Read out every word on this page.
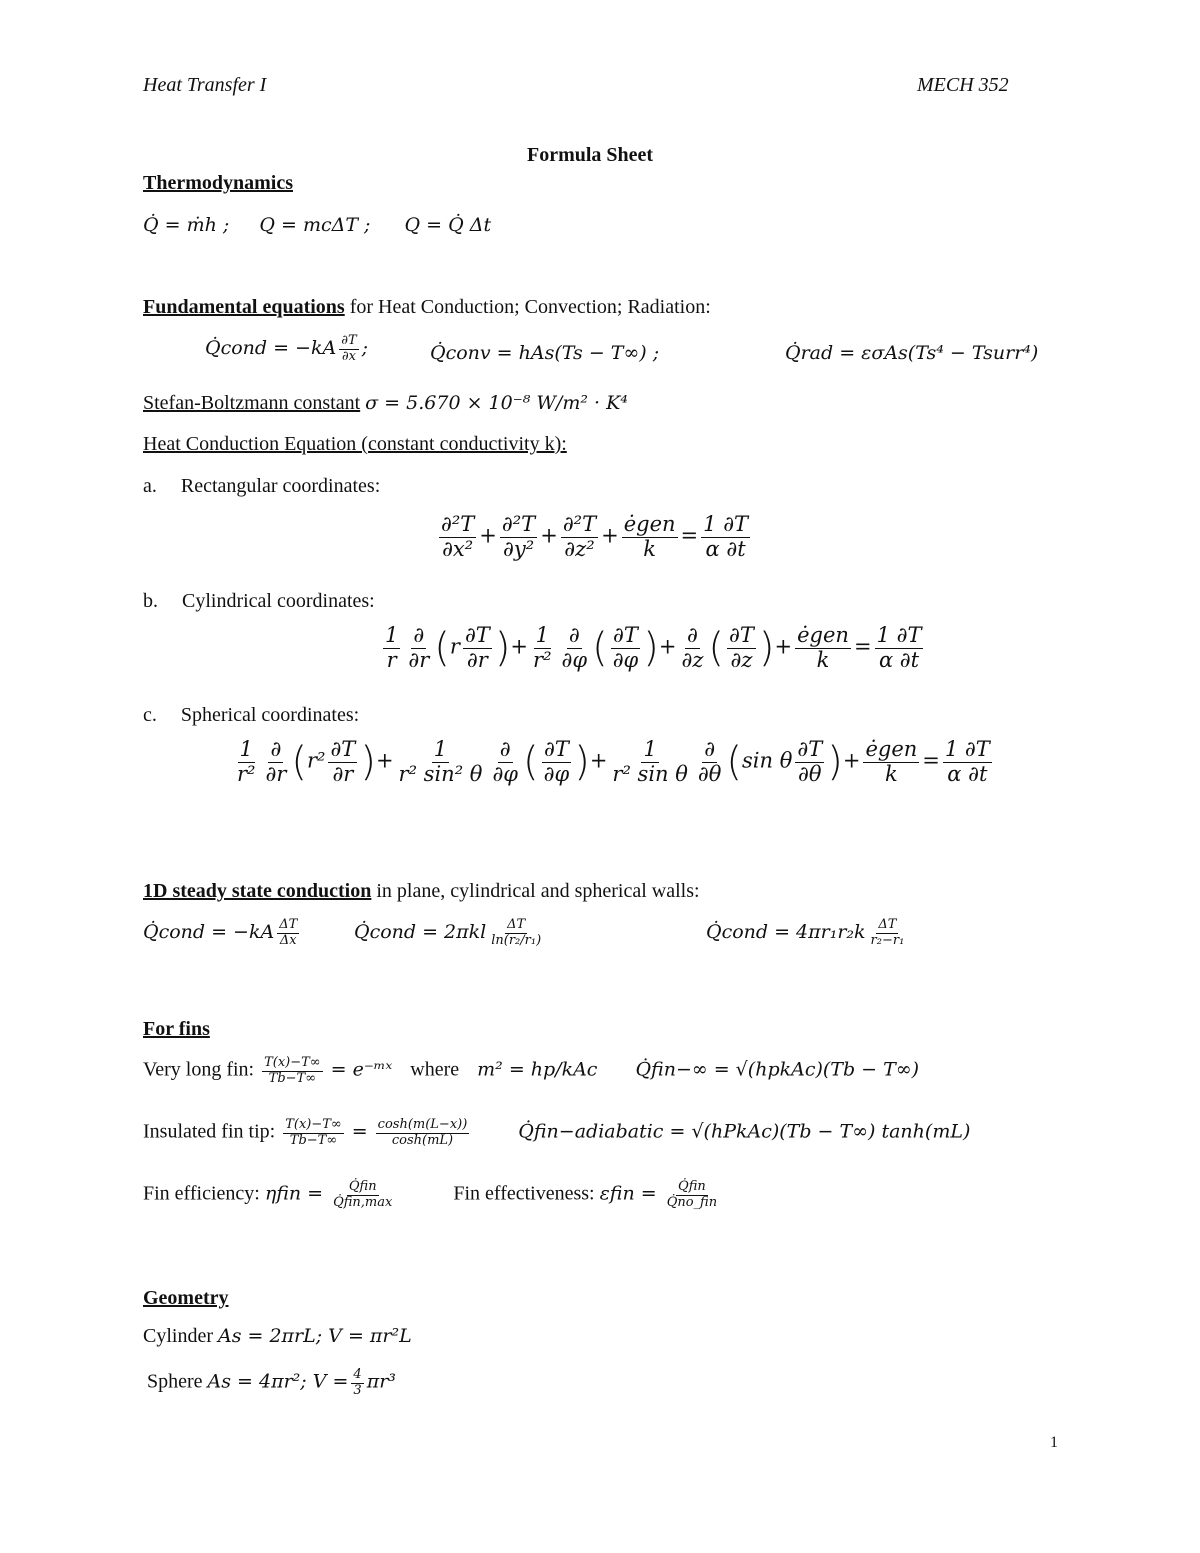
Heat Transfer I	MECH 352
Formula Sheet
Thermodynamics
Q̇ = ṁh ; Q = mcΔT ; Q = Q̇ Δt
Fundamental equations for Heat Conduction; Convection; Radiation:
Q̇cond = $-kA \frac{\partial T}{\partial x}$ ;	Q̇conv = hAs(Ts − T∞) ;	Q̇rad = εσAs(Ts⁴ − Tsurr⁴)
Stefan-Boltzmann constant σ = 5.670 × 10⁻⁸ W/m² · K⁴
Heat Conduction Equation (constant conductivity k):
a. Rectangular coordinates:
$\frac{\text{∂²T}}{\text{∂x²}} + \frac{\text{∂²T}}{\text{∂y²}} + \frac{\text{∂²T}}{\text{∂z²}} + \frac{\text{ėgen}}{k} = \frac{1 \partial T}{\alpha \partial t}$
b. Cylindrical coordinates:
$\frac{1}{r} \frac{\partial}{\partial r} (r \frac{\partial T}{\partial r}$ )+ $\frac{1}{\text{r²}} \frac{\partial}{\partial\varphi}$ ( $\frac{\partial T}{\partial\varphi}$ )+ $\frac{\partial}{\partial z}$ ( $\frac{\partial T}{\partial z}$ )+ $\frac{\text{ėgen}}{k} = \frac{1 \partial T}{\alpha \partial t}$
c. Spherical coordinates:
$\frac{1}{\text{r²}} \frac{\partial}{\partial r} (r^2 \frac{\partial T}{\partial r}$ )+ $\frac{1}{\text{r² sin² θ}} \frac{\partial}{\partial\varphi}$ ( $\frac{\partial T}{\partial\varphi}$ )+ $\frac{1}{\text{r² sin θ}} \frac{\partial}{\partial\theta} (\sin$ θ $\frac{\partial T}{\partial\theta}$ )+ $\frac{\text{ėgen}}{k} = \frac{1 \partial T}{\alpha \partial t}$
1D steady state conduction in plane, cylindrical and spherical walls:
Q̇cond = $-kA \frac{\Delta T}{\Delta x}$	Q̇cond = $2\pi kl \frac{\Delta T}{\text{ln(r₂/r₁)}}$	Q̇cond = $4\pi r_1r_2k \frac{\Delta T}{\text{r₂−r₁}}$
For fins
Very long fin: $\frac{T(x)-T\infty}{Tb-T\infty}$ = e⁻ᵐˣ where m² = hp/kAc Q̇fin−∞ = √(hpkAc)(Tb − T∞)
Insulated fin tip: $\frac{T(x)-T\infty}{Tb-T\infty} = \frac{\cosh(m(L-x))}{\cosh(mL)}$	Q̇fin−adiabatic = √(hPkAc)(Tb − T∞) tanh(mL)
Fin efficiency: $\eta fin = \frac{\text{Q̇fin}}{\text{Q̇fin,max}}$	Fin effectiveness: $\varepsilon fin = \frac{\text{Q̇fin}}{\text{Q̇no\_fin}}$
Geometry
Cylinder As = 2πrL; V = πr²L
Sphere As = 4πr²; $V = \frac{4}{3} \pi r^3$
1
